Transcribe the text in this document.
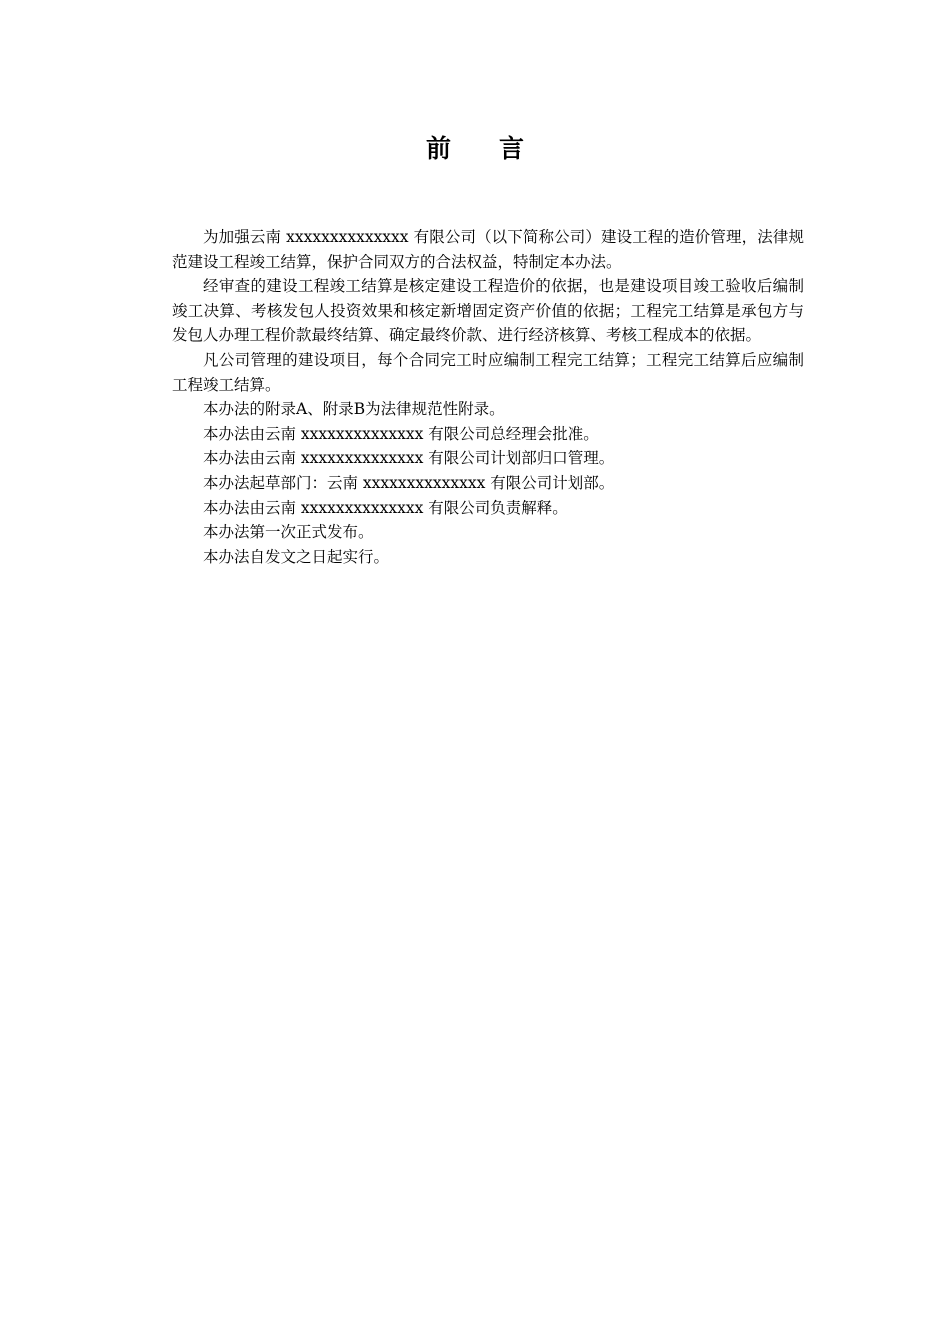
前言

为加强云南 xxxxxxxxxxxxxx 有限公司（以下简称公司）建设工程的造价管理，法律规范建设工程竣工结算，保护合同双方的合法权益，特制定本办法。

经审查的建设工程竣工结算是核定建设工程造价的依据，也是建设项目竣工验收后编制竣工决算、考核发包人投资效果和核定新增固定资产价值的依据；工程完工结算是承包方与发包人办理工程价款最终结算、确定最终价款、进行经济核算、考核工程成本的依据。

凡公司管理的建设项目，每个合同完工时应编制工程完工结算；工程完工结算后应编制工程竣工结算。

本办法的附录A、附录B为法律规范性附录。

本办法由云南 xxxxxxxxxxxxxx 有限公司总经理会批准。

本办法由云南 xxxxxxxxxxxxxx 有限公司计划部归口管理。

本办法起草部门：云南 xxxxxxxxxxxxxx 有限公司计划部。

本办法由云南 xxxxxxxxxxxxxx 有限公司负责解释。

本办法第一次正式发布。

本办法自发文之日起实行。
